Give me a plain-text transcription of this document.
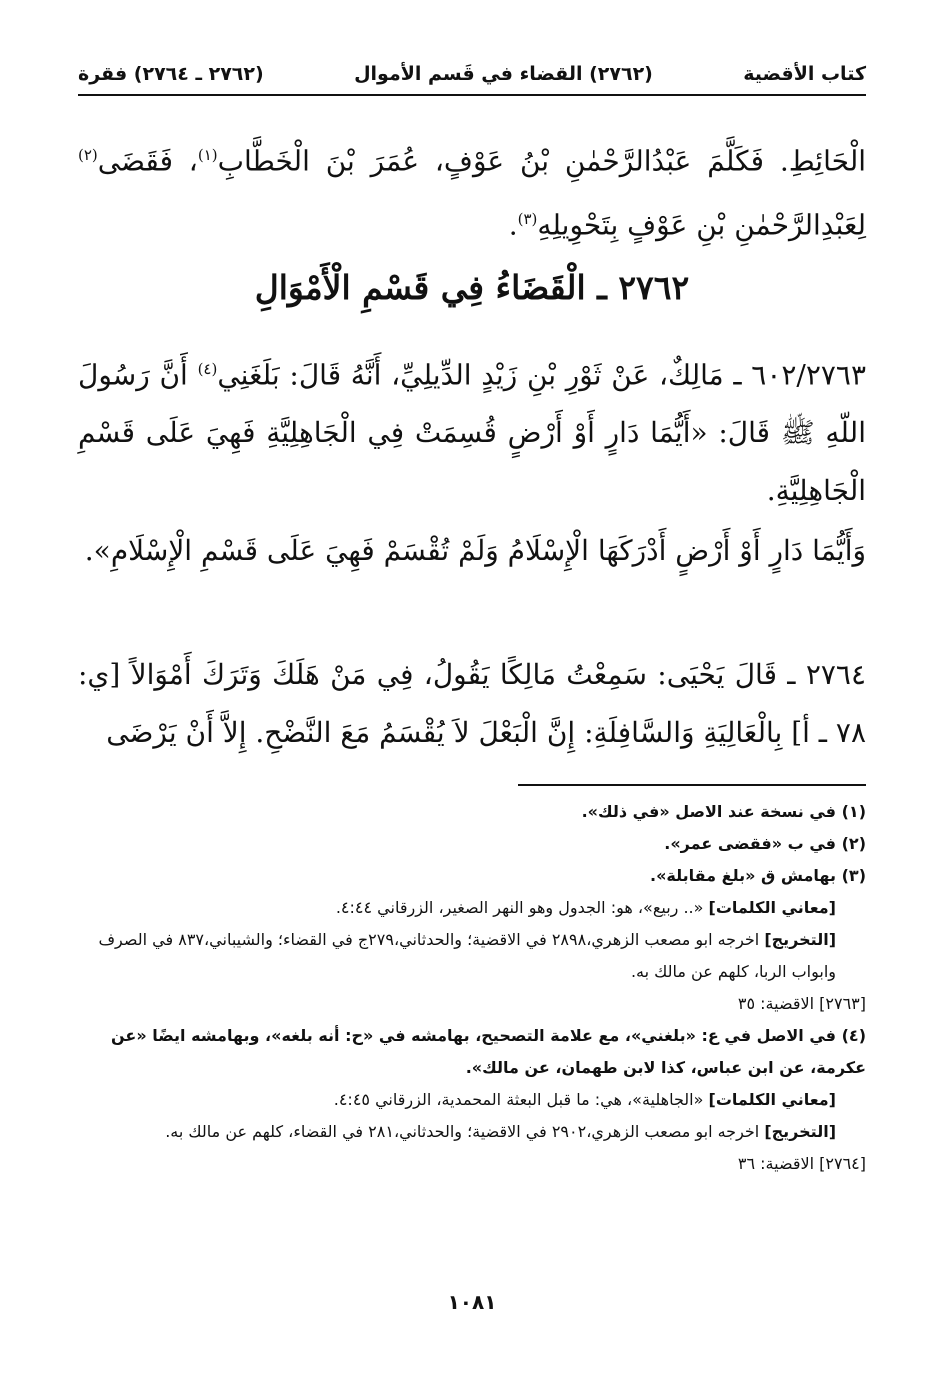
كتاب الأقضية
(٢٧٦٢) القضاء في قَسم الأموال
(٢٧٦٢ ـ ٢٧٦٤) فقرة
الْحَائِطِ. فَكَلَّمَ عَبْدُالرَّحْمٰنِ بْنُ عَوْفٍ، عُمَرَ بْنَ الْخَطَّابِ$^{(١)}$، فَقَضَى$^{(٢)}$ لِعَبْدِالرَّحْمٰنِ بْنِ عَوْفٍ بِتَحْوِيلِهِ$^{(٣)}$.
٢٧٦٢ ـ الْقَضَاءُ فِي قَسْمِ الْأَمْوَالِ
٦٠٢/٢٧٦٣ ـ مَالِكٌ، عَنْ ثَوْرِ بْنِ زَيْدٍ الدِّيلِيِّ، أَنَّهُ قَالَ: بَلَغَنِي$^{(٤)}$ أَنَّ رَسُولَ اللّهِ ﷺ قَالَ: «أَيُّمَا دَارٍ أَوْ أَرْضٍ قُسِمَتْ فِي الْجَاهِلِيَّةِ فَهِيَ عَلَى قَسْمِ الْجَاهِلِيَّةِ.
وَأَيُّمَا دَارٍ أَوْ أَرْضٍ أَدْرَكَهَا الْإِسْلَامُ وَلَمْ تُقْسَمْ فَهِيَ عَلَى قَسْمِ الْإِسْلَامِ».
٢٧٦٤ ـ قَالَ يَحْيَى: سَمِعْتُ مَالِكًا يَقُولُ، فِي مَنْ هَلَكَ وَتَرَكَ أَمْوَالاً [ي: ٧٨ ـ أ] بِالْعَالِيَةِ وَالسَّافِلَةِ: إِنَّ الْبَعْلَ لاَ يُقْسَمُ مَعَ النَّضْحِ. إِلاَّ أَنْ يَرْضَى

(١)في نسخة عند الاصل «في ذلك».

(٢)في ب «فقضى عمر».

(٣)بهامش ق «بلغ مقابلة».

[معاني الكلمات] «.. ربيع»، هو: الجدول وهو النهر الصغير، الزرقاني ٤:٤٤.

[التخريج] اخرجه ابو مصعب الزهري،٢٨٩٨ في الاقضية؛ والحدثاني،٢٧٩ج في القضاء؛ والشيباني،٨٣٧ في الصرف وابواب الربا، كلهم عن مالك به.

[٢٧٦٣] الاقضية: ٣٥

(٤)في الاصل في ع: «بلغني»، مع علامة التصحيح، بهامشه في «ح: أنه بلغه»، وبهامشه ايضًا «عن عكرمة، عن ابن عباس، كذا لابن طهمان، عن مالك».

[معاني الكلمات] «الجاهلية»، هي: ما قبل البعثة المحمدية، الزرقاني ٤:٤٥.

[التخريج] اخرجه ابو مصعب الزهري،٢٩٠٢ في الاقضية؛ والحدثاني،٢٨١ في القضاء، كلهم عن مالك به.

[٢٧٦٤] الاقضية: ٣٦

١٠٨١
